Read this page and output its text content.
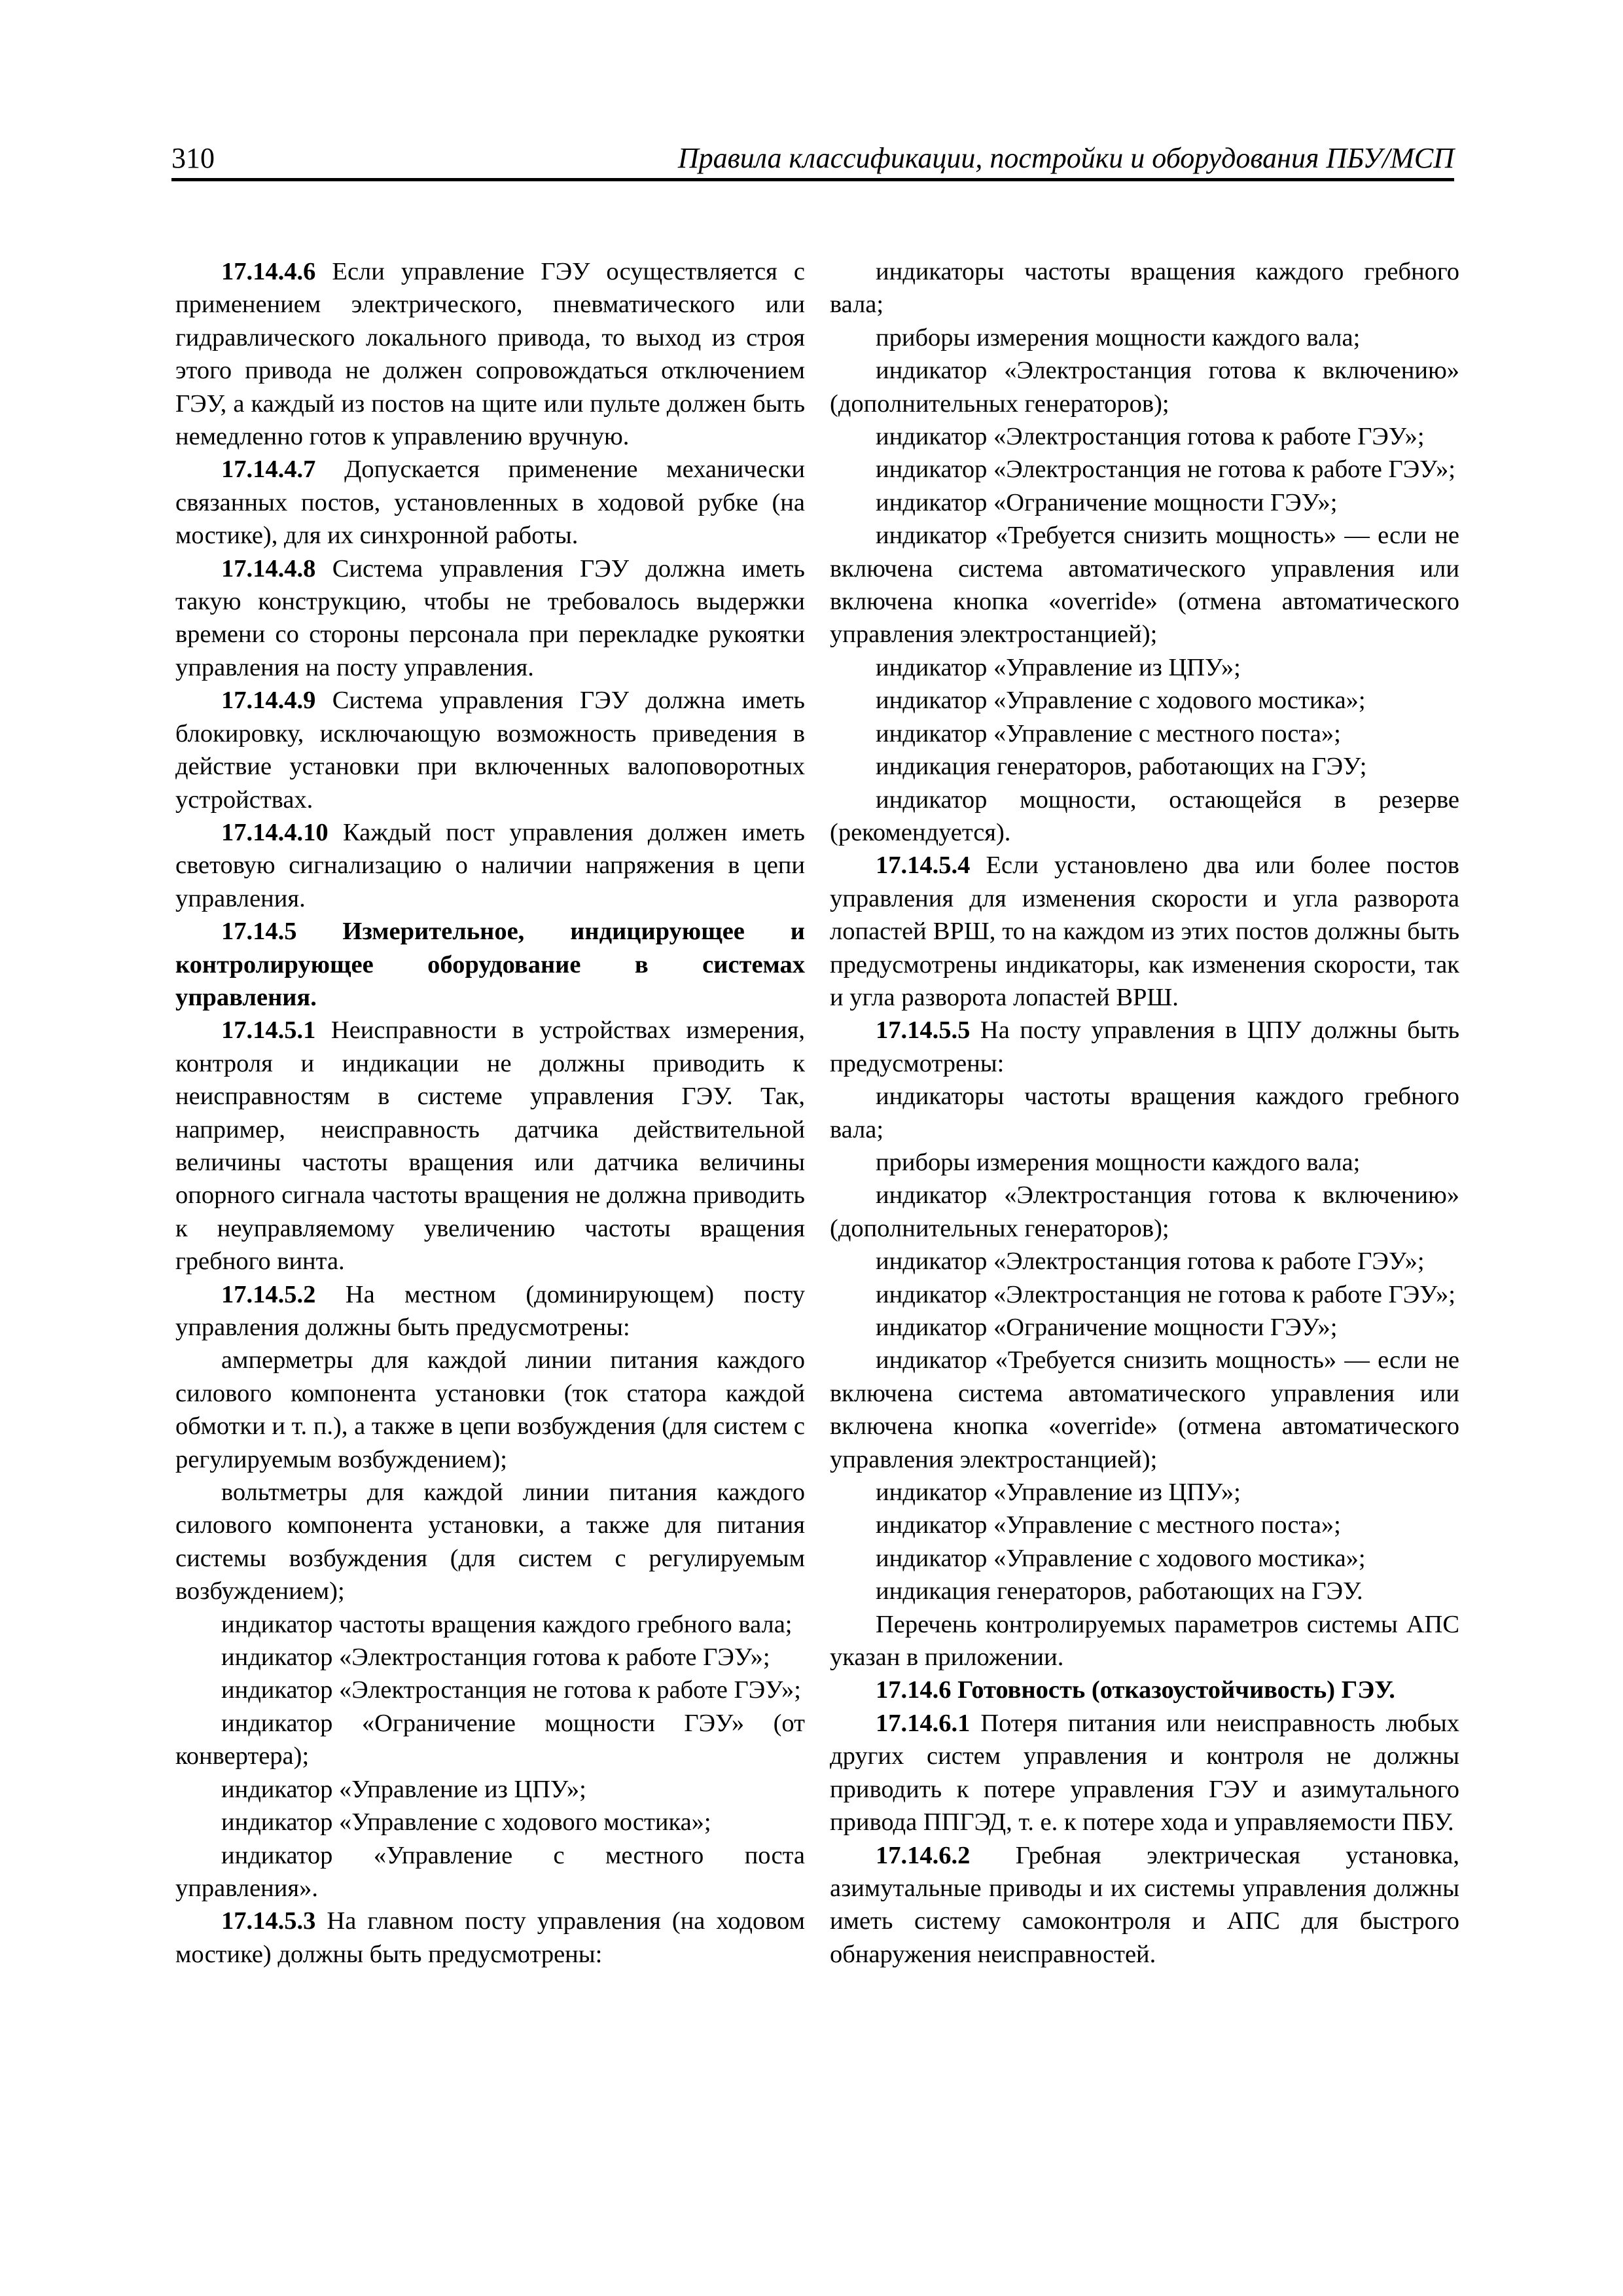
310	Правила классификации, постройки и оборудования ПБУ/МСП

17.14.4.6 Если управление ГЭУ осуществляется с применением электрического, пневматического или гидравлического локального привода, то выход из строя этого привода не должен сопровождаться отключением ГЭУ, а каждый из постов на щите или пульте должен быть немедленно готов к управлению вручную.

17.14.4.7 Допускается применение механически связанных постов, установленных в ходовой рубке (на мостике), для их синхронной работы.

17.14.4.8 Система управления ГЭУ должна иметь такую конструкцию, чтобы не требовалось выдержки времени со стороны персонала при перекладке рукоятки управления на посту управления.

17.14.4.9 Система управления ГЭУ должна иметь блокировку, исключающую возможность приведения в действие установки при включенных валоповоротных устройствах.

17.14.4.10 Каждый пост управления должен иметь световую сигнализацию о наличии напряжения в цепи управления.

17.14.5 Измерительное, индицирующее и контролирующее оборудование в системах управления.

17.14.5.1 Неисправности в устройствах измерения, контроля и индикации не должны приводить к неисправностям в системе управления ГЭУ. Так, например, неисправность датчика действительной величины частоты вращения или датчика величины опорного сигнала частоты вращения не должна приводить к неуправляемому увеличению частоты вращения гребного винта.

17.14.5.2 На местном (доминирующем) посту управления должны быть предусмотрены:

амперметры для каждой линии питания каждого силового компонента установки (ток статора каждой обмотки и т. п.), а также в цепи возбуждения (для систем с регулируемым возбуждением);

вольтметры для каждой линии питания каждого силового компонента установки, а также для питания системы возбуждения (для систем с регулируемым возбуждением);

индикатор частоты вращения каждого гребного вала;

индикатор «Электростанция готова к работе ГЭУ»;

индикатор «Электростанция не готова к работе ГЭУ»;

индикатор «Ограничение мощности ГЭУ» (от конвертера);

индикатор «Управление из ЦПУ»;

индикатор «Управление с ходового мостика»;

индикатор «Управление с местного поста управления».

17.14.5.3 На главном посту управления (на ходовом мостике) должны быть предусмотрены:

индикаторы частоты вращения каждого гребного вала;

приборы измерения мощности каждого вала;

индикатор «Электростанция готова к включению» (дополнительных генераторов);

индикатор «Электростанция готова к работе ГЭУ»;

индикатор «Электростанция не готова к работе ГЭУ»;

индикатор «Ограничение мощности ГЭУ»;

индикатор «Требуется снизить мощность» — если не включена система автоматического управления или включена кнопка «override» (отмена автоматического управления электростанцией);

индикатор «Управление из ЦПУ»;

индикатор «Управление с ходового мостика»;

индикатор «Управление с местного поста»;

индикация генераторов, работающих на ГЭУ;

индикатор мощности, остающейся в резерве (рекомендуется).

17.14.5.4 Если установлено два или более постов управления для изменения скорости и угла разворота лопастей ВРШ, то на каждом из этих постов должны быть предусмотрены индикаторы, как изменения скорости, так и угла разворота лопастей ВРШ.

17.14.5.5 На посту управления в ЦПУ должны быть предусмотрены:

индикаторы частоты вращения каждого гребного вала;

приборы измерения мощности каждого вала;

индикатор «Электростанция готова к включению» (дополнительных генераторов);

индикатор «Электростанция готова к работе ГЭУ»;

индикатор «Электростанция не готова к работе ГЭУ»;

индикатор «Ограничение мощности ГЭУ»;

индикатор «Требуется снизить мощность» — если не включена система автоматического управления или включена кнопка «override» (отмена автоматического управления электростанцией);

индикатор «Управление из ЦПУ»;

индикатор «Управление с местного поста»;

индикатор «Управление с ходового мостика»;

индикация генераторов, работающих на ГЭУ.

Перечень контролируемых параметров системы АПС указан в приложении.

17.14.6 Готовность (отказоустойчивость) ГЭУ.

17.14.6.1 Потеря питания или неисправность любых других систем управления и контроля не должны приводить к потере управления ГЭУ и азимутального привода ППГЭД, т. е. к потере хода и управляемости ПБУ.

17.14.6.2 Гребная электрическая установка, азимутальные приводы и их системы управления должны иметь систему самоконтроля и АПС для быстрого обнаружения неисправностей.
